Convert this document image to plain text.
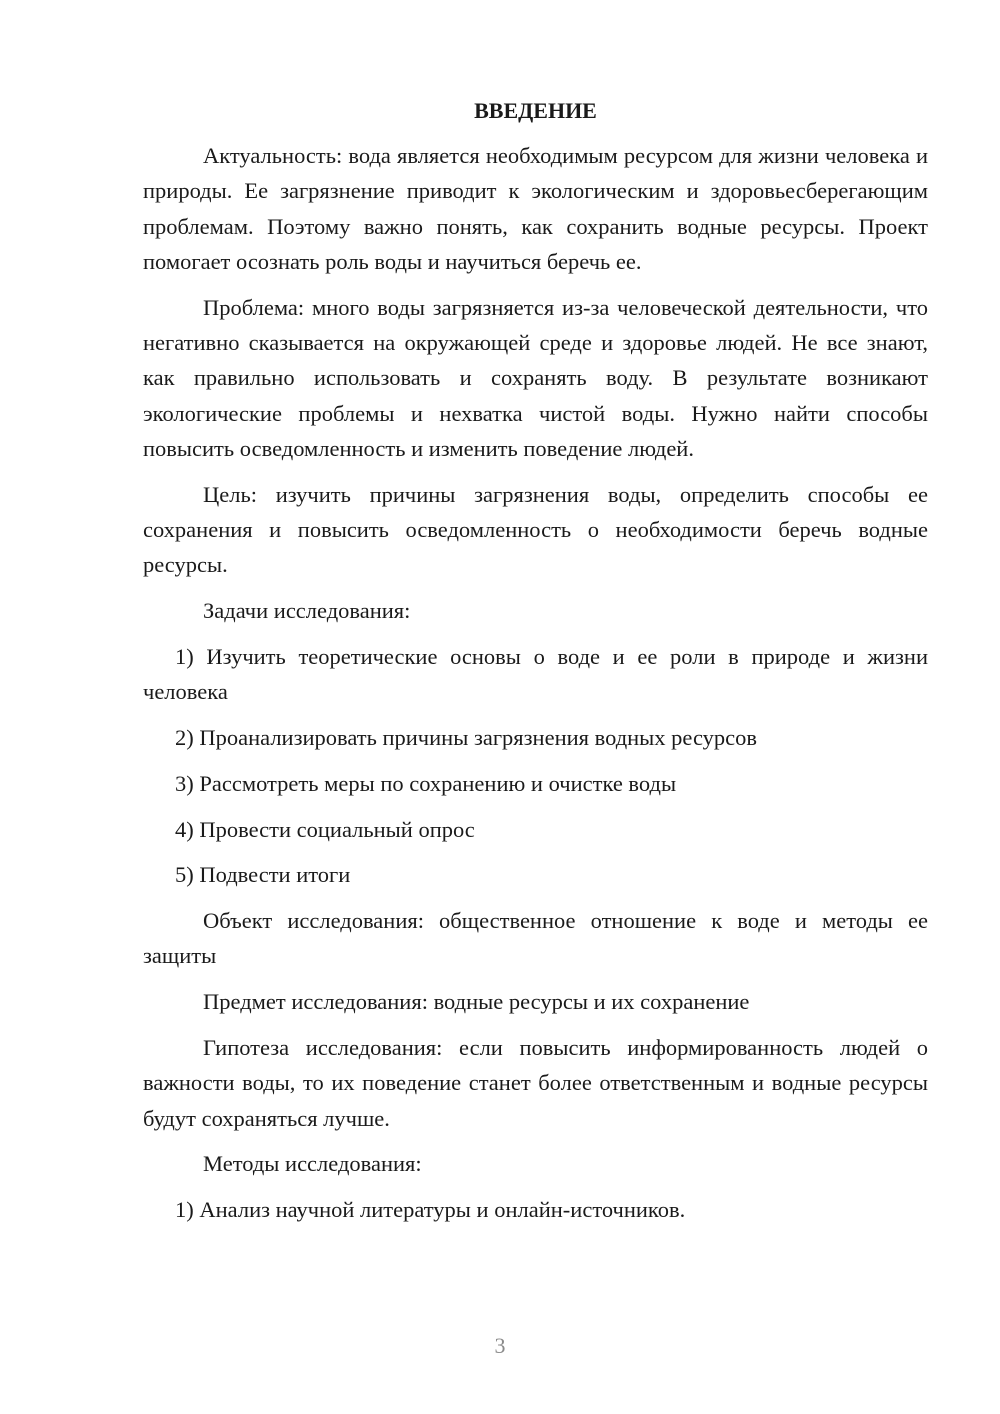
ВВЕДЕНИЕ

Актуальность: вода является необходимым ресурсом для жизни человека и природы. Ее загрязнение приводит к экологическим и здоровьесберегающим проблемам. Поэтому важно понять, как сохранить водные ресурсы. Проект помогает осознать роль воды и научиться беречь ее.

Проблема: много воды загрязняется из-за человеческой деятельности, что негативно сказывается на окружающей среде и здоровье людей. Не все знают, как правильно использовать и сохранять воду. В результате возникают экологические проблемы и нехватка чистой воды. Нужно найти способы повысить осведомленность и изменить поведение людей.

Цель: изучить причины загрязнения воды, определить способы ее сохранения и повысить осведомленность о необходимости беречь водные ресурсы.

Задачи исследования:

1) Изучить теоретические основы о воде и ее роли в природе и жизни человека

2) Проанализировать причины загрязнения водных ресурсов

3) Рассмотреть меры по сохранению и очистке воды

4) Провести социальный опрос

5) Подвести итоги

Объект исследования: общественное отношение к воде и методы ее защиты

Предмет исследования: водные ресурсы и их сохранение

Гипотеза исследования: если повысить информированность людей о важности воды, то их поведение станет более ответственным и водные ресурсы будут сохраняться лучше.

Методы исследования:

1) Анализ научной литературы и онлайн-источников.

3
